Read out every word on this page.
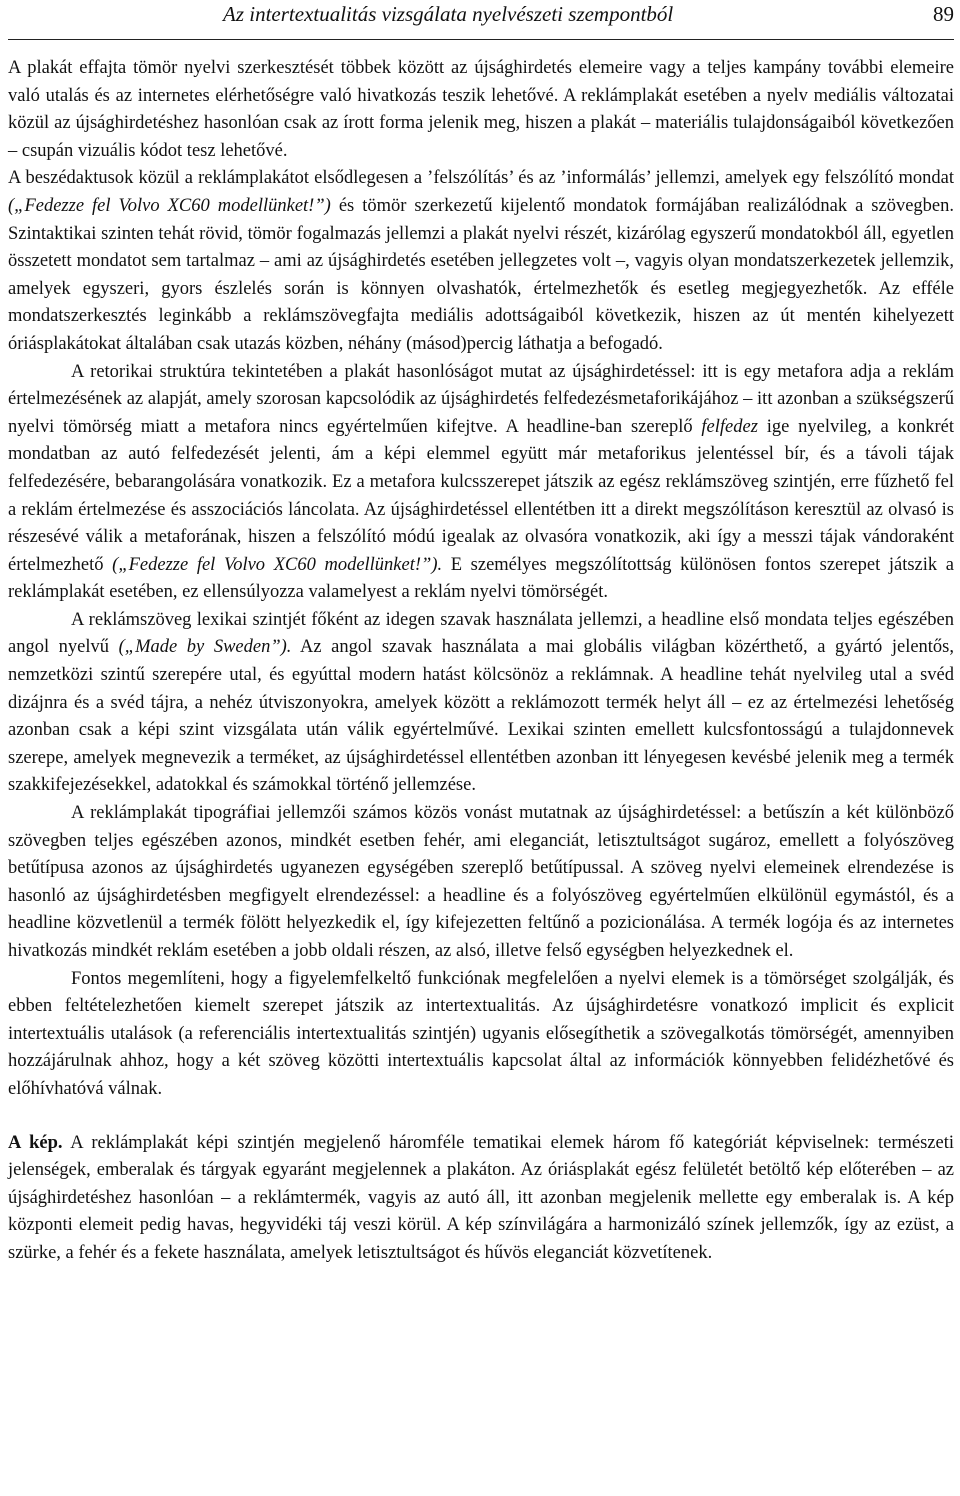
Az intertextualitás vizsgálata nyelvészeti szempontból	89

A plakát effajta tömör nyelvi szerkesztését többek között az újsághirdetés elemeire vagy a teljes kampány további elemeire való utalás és az internetes elérhetőségre való hivatkozás teszik lehetővé. A reklámplakát esetében a nyelv mediális változatai közül az újsághirdetéshez hasonlóan csak az írott forma jelenik meg, hiszen a plakát – materiális tulajdonságaiból következően – csupán vizuális kódot tesz lehetővé.
A beszédaktusok közül a reklámplakátot elsődlegesen a ’felszólítás’ és az ’informálás’ jellemzi, amelyek egy felszólító mondat („Fedezze fel Volvo XC60 modellünket!”) és tömör szerkezetű kijelentő mondatok formájában realizálódnak a szövegben. Szintaktikai szinten tehát rövid, tömör fogalmazás jellemzi a plakát nyelvi részét, kizárólag egyszerű mondatokból áll, egyetlen összetett mondatot sem tartalmaz – ami az újsághirdetés esetében jellegzetes volt –, vagyis olyan mondatszerkezetek jellemzik, amelyek egyszeri, gyors észlelés során is könnyen olvashatók, értelmezhetők és esetleg megjegyezhetők. Az efféle mondatszerkesztés leginkább a reklámszövegfajta mediális adottságaiból következik, hiszen az út mentén kihelyezett óriásplakátokat általában csak utazás közben, néhány (másod)percig láthatja a befogadó.

A retorikai struktúra tekintetében a plakát hasonlóságot mutat az újsághirdetéssel: itt is egy metafora adja a reklám értelmezésének az alapját, amely szorosan kapcsolódik az újsághirdetés felfedezésmetaforikájához – itt azonban a szükségszerű nyelvi tömörség miatt a metafora nincs egyértelműen kifejtve. A headline-ban szereplő felfedez ige nyelvileg, a konkrét mondatban az autó felfedezését jelenti, ám a képi elemmel együtt már metaforikus jelentéssel bír, és a távoli tájak felfedezésére, bebarangolására vonatkozik. Ez a metafora kulcsszerepet játszik az egész reklámszöveg szintjén, erre fűzhető fel a reklám értelmezése és asszociációs láncolata. Az újsághirdetéssel ellentétben itt a direkt megszólításon keresztül az olvasó is részesévé válik a metaforának, hiszen a felszólító módú igealak az olvasóra vonatkozik, aki így a messzi tájak vándoraként értelmezhető („Fedezze fel Volvo XC60 modellünket!”). E személyes megszólítottság különösen fontos szerepet játszik a reklámplakát esetében, ez ellensúlyozza valamelyest a reklám nyelvi tömörségét.

A reklámszöveg lexikai szintjét főként az idegen szavak használata jellemzi, a headline első mondata teljes egészében angol nyelvű („Made by Sweden”). Az angol szavak használata a mai globális világban közérthető, a gyártó jelentős, nemzetközi szintű szerepére utal, és egyúttal modern hatást kölcsönöz a reklámnak. A headline tehát nyelvileg utal a svéd dizájnra és a svéd tájra, a nehéz útviszonyokra, amelyek között a reklámozott termék helyt áll – ez az értelmezési lehetőség azonban csak a képi szint vizsgálata után válik egyértelművé. Lexikai szinten emellett kulcsfontosságú a tulajdonnevek szerepe, amelyek megnevezik a terméket, az újsághirdetéssel ellentétben azonban itt lényegesen kevésbé jelenik meg a termék szakkifejezésekkel, adatokkal és számokkal történő jellemzése.

A reklámplakát tipográfiai jellemzői számos közös vonást mutatnak az újsághirdetéssel: a betűszín a két különböző szövegben teljes egészében azonos, mindkét esetben fehér, ami eleganciát, letisztultságot sugároz, emellett a folyószöveg betűtípusa azonos az újsághirdetés ugyanezen egységében szereplő betűtípussal. A szöveg nyelvi elemeinek elrendezése is hasonló az újsághirdetésben megfigyelt elrendezéssel: a headline és a folyószöveg egyértelműen elkülönül egymástól, és a headline közvetlenül a termék fölött helyezkedik el, így kifejezetten feltűnő a pozicionálása. A termék logója és az internetes hivatkozás mindkét reklám esetében a jobb oldali részen, az alsó, illetve felső egységben helyezkednek el.

Fontos megemlíteni, hogy a figyelemfelkeltő funkciónak megfelelően a nyelvi elemek is a tömörséget szolgálják, és ebben feltételezhetően kiemelt szerepet játszik az intertextualitás. Az újsághirdetésre vonatkozó implicit és explicit intertextuális utalások (a referenciális intertextualitás szintjén) ugyanis elősegíthetik a szövegalkotás tömörségét, amennyiben hozzájárulnak ahhoz, hogy a két szöveg közötti intertextuális kapcsolat által az információk könnyebben felidézhetővé és előhívhatóvá válnak.

A kép. A reklámplakát képi szintjén megjelenő háromféle tematikai elemek három fő kategóriát képviselnek: természeti jelenségek, emberalak és tárgyak egyaránt megjelennek a plakáton. Az óriásplakát egész felületét betöltő kép előterében – az újsághirdetéshez hasonlóan – a reklámtermék, vagyis az autó áll, itt azonban megjelenik mellette egy emberalak is. A kép központi elemeit pedig havas, hegyvidéki táj veszi körül. A kép színvilágára a harmonizáló színek jellemzők, így az ezüst, a szürke, a fehér és a fekete használata, amelyek letisztultságot és hűvös eleganciát közvetítenek.
